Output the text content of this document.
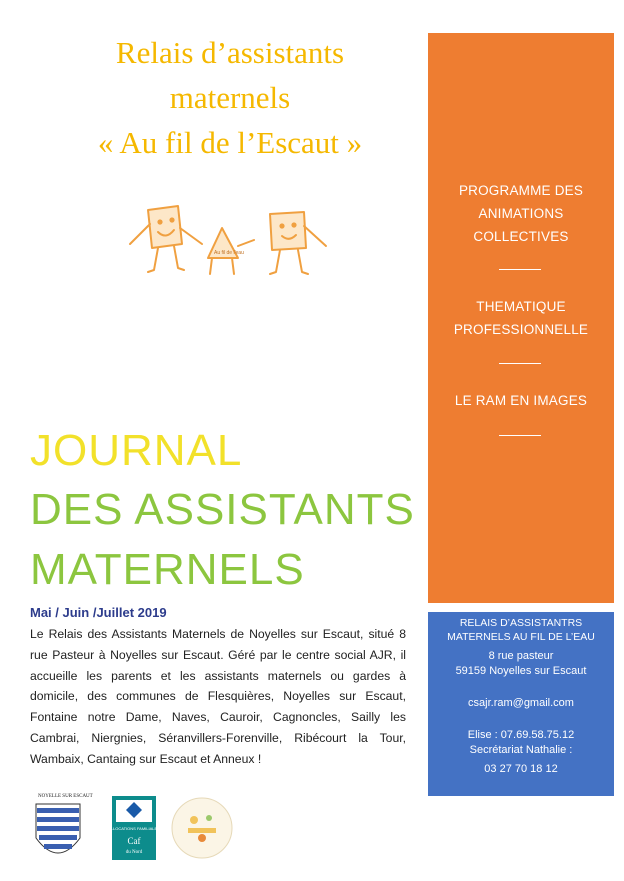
Relais d’assistants
maternels
« Au fil de l’Escaut »
Au fil de l'eau
JOURNAL
DES ASSISTANTS
MATERNELS
Mai / Juin /Juillet 2019
Le Relais des Assistants Maternels de Noyelles sur Escaut, situé 8 rue Pasteur à Noyelles sur Escaut. Géré par le centre social AJR, il accueille les parents et les assistants maternels ou gardes à domicile, des communes de Flesquières, Noyelles sur Escaut, Fontaine notre Dame, Naves, Cauroir, Cagnoncles, Sailly les Cambrai, Niergnies, Séranvillers-Forenville, Ribécourt la Tour, Wambaix, Cantaing sur Escaut et Anneux !
NOYELLE SUR ESCAUT
ALLOCATIONS FAMILIALES
Caf
du Nord
PROGRAMME DES
ANIMATIONS
COLLECTIVES
THEMATIQUE
PROFESSIONNELLE
LE RAM EN IMAGES
RELAIS D’ASSISTANTRS
MATERNELS AU FIL DE L’EAU
8 rue pasteur
59159 Noyelles sur Escaut
csajr.ram@gmail.com
Elise : 07.69.58.75.12
Secrétariat Nathalie :
03 27 70 18 12
